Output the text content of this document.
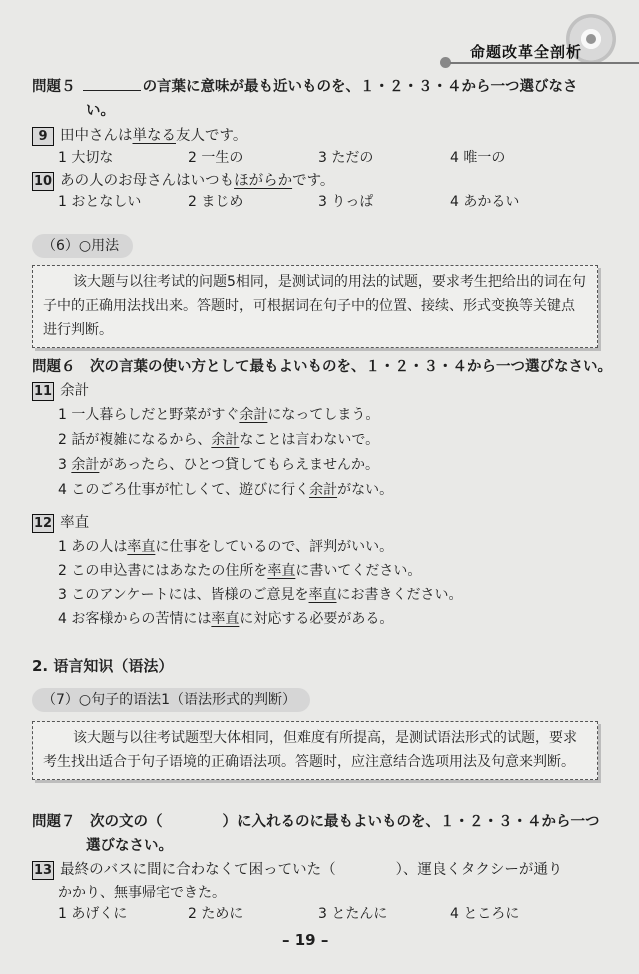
命题改革全剖析
問題５	の言葉に意味が最も近いものを、１・２・３・４から一つ選びなさ
い。
9 田中さんは単なる友人です。
1 大切な	2 一生の	3 ただの	4 唯一の
10 あの人のお母さんはいつもほがらかです。
1 おとなしい	2 まじめ	3 りっぱ	4 あかるい
（6）○用法
该大题与以往考试的问题5相同，是测试词的用法的试题，要求考生把给出的词在句子中的正确用法找出来。答题时，可根据词在句子中的位置、接续、形式变换等关键点进行判断。
問題６　次の言葉の使い方として最もよいものを、１・２・３・４から一つ選びなさい。
11 余計
1 一人暮らしだと野菜がすぐ余計になってしまう。
2 話が複雑になるから、余計なことは言わないで。
3 余計があったら、ひとつ貸してもらえませんか。
4 このごろ仕事が忙しくて、遊びに行く余計がない。
12 率直
1 あの人は率直に仕事をしているので、評判がいい。
2 この申込書にはあなたの住所を率直に書いてください。
3 このアンケートには、皆様のご意見を率直にお書きください。
4 お客様からの苦情には率直に対応する必要がある。
2. 语言知识（语法）
（7）○句子的语法1（语法形式的判断）
该大题与以往考试题型大体相同，但难度有所提高，是测试语法形式的试题，要求考生找出适合于句子语境的正确语法项。答题时，应注意结合选项用法及句意来判断。
問題７　次の文の（	）に入れるのに最もよいものを、１・２・３・４から一つ
選びなさい。
13 最終のバスに間に合わなくて困っていた（	）、運良くタクシーが通り
かかり、無事帰宅できた。
1 あげくに	2 ために	3 とたんに	4 ところに
– 19 –
